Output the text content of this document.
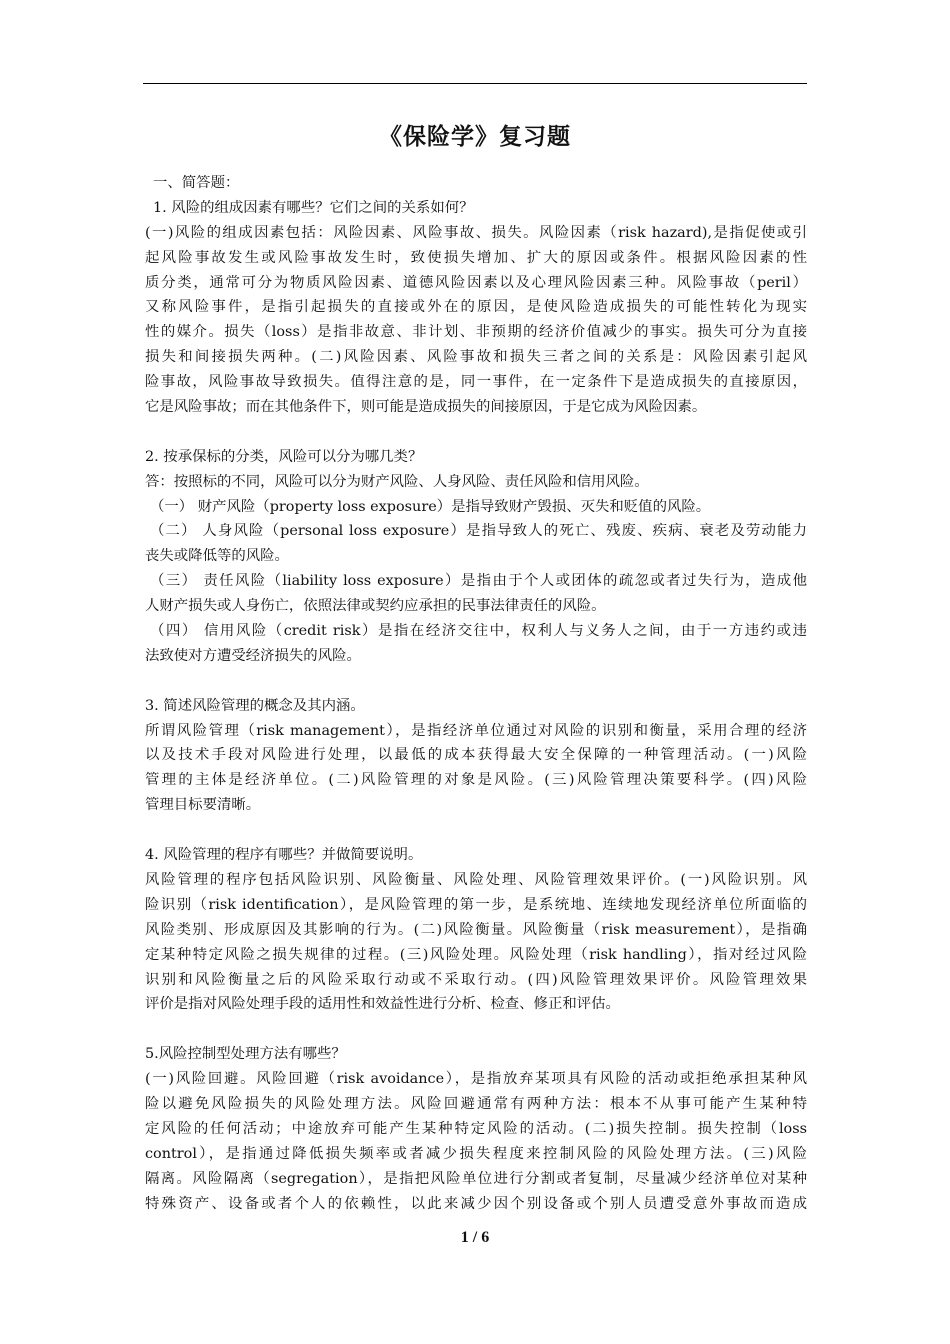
《保险学》复习题
一、简答题：
1. 风险的组成因素有哪些？它们之间的关系如何？
(一)风险的组成因素包括：风险因素、风险事故、损失。风险因素（risk hazard),是指促使或引
起风险事故发生或风险事故发生时，致使损失增加、扩大的原因或条件。根据风险因素的性
质分类，通常可分为物质风险因素、道德风险因素以及心理风险因素三种。风险事故（peril）
又称风险事件，是指引起损失的直接或外在的原因，是使风险造成损失的可能性转化为现实
性的媒介。损失（loss）是指非故意、非计划、非预期的经济价值减少的事实。损失可分为直接
损失和间接损失两种。(二)风险因素、风险事故和损失三者之间的关系是：风险因素引起风
险事故，风险事故导致损失。值得注意的是，同一事件，在一定条件下是造成损失的直接原因，
它是风险事故；而在其他条件下，则可能是造成损失的间接原因，于是它成为风险因素。
2. 按承保标的分类，风险可以分为哪几类？
答：按照标的不同，风险可以分为财产风险、人身风险、责任风险和信用风险。
（一） 财产风险（property loss exposure）是指导致财产毁损、灭失和贬值的风险。
（二） 人身风险（personal loss exposure）是指导致人的死亡、残废、疾病、衰老及劳动能力
丧失或降低等的风险。
（三） 责任风险（liability loss exposure）是指由于个人或团体的疏忽或者过失行为，造成他
人财产损失或人身伤亡，依照法律或契约应承担的民事法律责任的风险。
（四） 信用风险（credit risk）是指在经济交往中，权利人与义务人之间，由于一方违约或违
法致使对方遭受经济损失的风险。
3. 简述风险管理的概念及其内涵。
所谓风险管理（risk management），是指经济单位通过对风险的识别和衡量，采用合理的经济
以及技术手段对风险进行处理，以最低的成本获得最大安全保障的一种管理活动。(一)风险
管理的主体是经济单位。(二)风险管理的对象是风险。(三)风险管理决策要科学。(四)风险
管理目标要清晰。
4. 风险管理的程序有哪些？并做简要说明。
风险管理的程序包括风险识别、风险衡量、风险处理、风险管理效果评价。(一)风险识别。风
险识别（risk identification），是风险管理的第一步，是系统地、连续地发现经济单位所面临的
风险类别、形成原因及其影响的行为。(二)风险衡量。风险衡量（risk measurement），是指确
定某种特定风险之损失规律的过程。(三)风险处理。风险处理（risk handling），指对经过风险
识别和风险衡量之后的风险采取行动或不采取行动。(四)风险管理效果评价。风险管理效果
评价是指对风险处理手段的适用性和效益性进行分析、检查、修正和评估。
5.风险控制型处理方法有哪些？
(一)风险回避。风险回避（risk avoidance），是指放弃某项具有风险的活动或拒绝承担某种风
险以避免风险损失的风险处理方法。风险回避通常有两种方法：根本不从事可能产生某种特
定风险的任何活动；中途放弃可能产生某种特定风险的活动。(二)损失控制。损失控制（loss
control），是指通过降低损失频率或者减少损失程度来控制风险的风险处理方法。(三)风险
隔离。风险隔离（segregation），是指把风险单位进行分割或者复制，尽量减少经济单位对某种
特殊资产、设备或者个人的依赖性，以此来减少因个别设备或个别人员遭受意外事故而造成
1 / 6
